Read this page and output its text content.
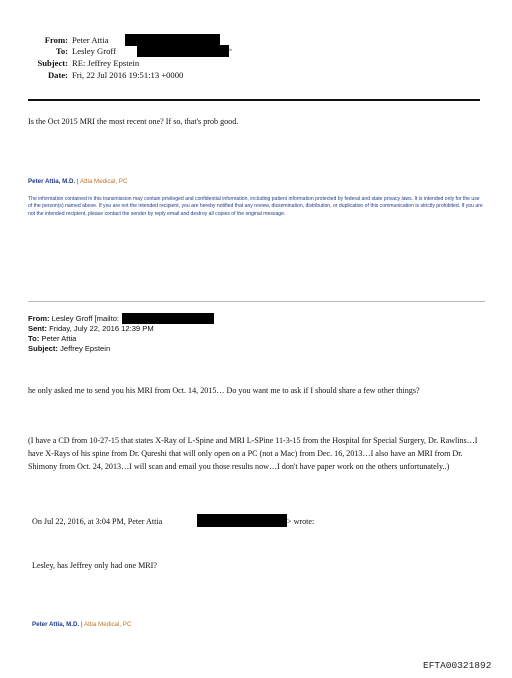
From: Peter Attia
To: Lesley Groff	»
Subject: RE: Jeffrey Epstein
Date: Fri, 22 Jul 2016 19:51:13 +0000
Is the Oct 2015 MRI the most recent one? If so, that's prob good.
Peter Attia, M.D. | Attia Medical, PC
The information contained in this transmission may contain privileged and confidential information, including patient information protected by federal and state privacy laws. It is intended only for the use of the person(s) named above. If you are not the intended recipient, you are hereby notified that any review, dissemination, distribution, or duplication of this communication is strictly prohibited. If you are not the intended recipient, please contact the sender by reply email and destroy all copies of the original message.
From: Lesley Groff [mailto:
Sent: Friday, July 22, 2016 12:39 PM
To: Peter Attia
Subject: Jeffrey Epstein
he only asked me to send you his MRI from Oct. 14, 2015… Do you want me to ask if I should share a few other things?
(I have a CD from 10-27-15 that states X-Ray of L-Spine and MRI L-SPine 11-3-15 from the Hospital for Special Surgery, Dr. Rawlins…I have X-Rays of his spine from Dr. Qureshi that will only open on a PC (not a Mac) from Dec. 16, 2013…I also have an MRI from Dr. Shimony from Oct. 24, 2013…I will scan and email you those results now…I don't have paper work on the others unfortunately..)
On Jul 22, 2016, at 3:04 PM, Peter Attia	> wrote:
Lesley, has Jeffrey only had one MRI?
Peter Attia, M.D. | Attia Medical, PC
EFTA00321892
